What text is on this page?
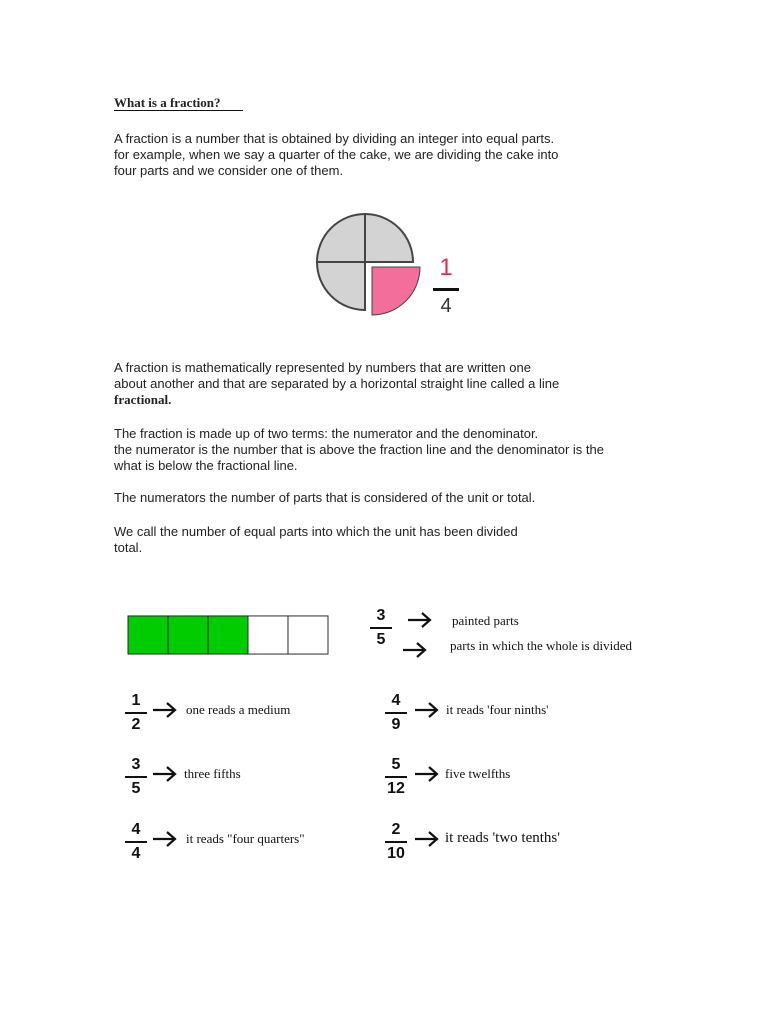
What is a fraction?
A fraction is a number that is obtained by dividing an integer into equal parts.
for example, when we say a quarter of the cake, we are dividing the cake into
four parts and we consider one of them.
1
4
A fraction is mathematically represented by numbers that are written one
about another and that are separated by a horizontal straight line called a line
fractional.
The fraction is made up of two terms: the numerator and the denominator.
the numerator is the number that is above the fraction line and the denominator is the
what is below the fractional line.
The numerators the number of parts that is considered of the unit or total.
We call the number of equal parts into which the unit has been divided
total.
3
5
painted parts
parts in which the whole is divided
1
2
one reads a medium
4
9
it reads 'four ninths'
3
5
three fifths
5
12
five twelfths
4
4
it reads "four quarters"
2
10
it reads 'two tenths'
